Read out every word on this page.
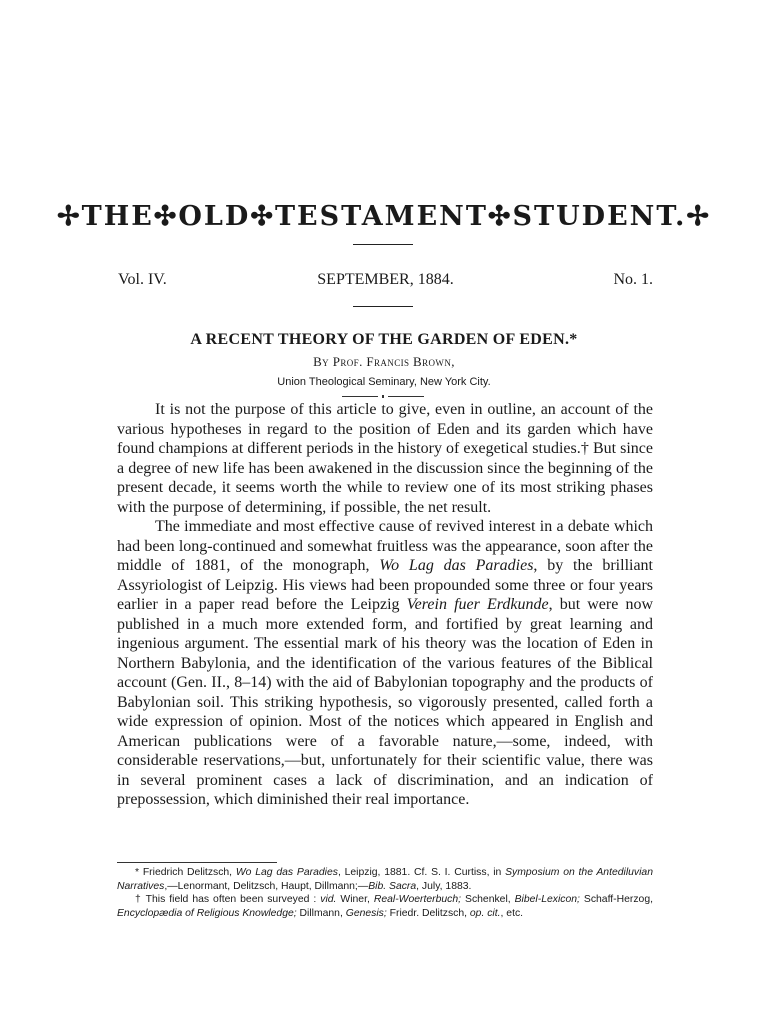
✢THE✣OLD✣TESTAMENT✣STUDENT.✢
Vol. IV.	SEPTEMBER, 1884.	No. 1.
A RECENT THEORY OF THE GARDEN OF EDEN.*
By Prof. Francis Brown,
Union Theological Seminary, New York City.

It is not the purpose of this article to give, even in outline, an account of the various hypotheses in regard to the position of Eden and its garden which have found champions at different periods in the history of exegetical studies.† But since a degree of new life has been awakened in the discussion since the beginning of the present decade, it seems worth the while to review one of its most striking phases with the purpose of determining, if possible, the net result.

The immediate and most effective cause of revived interest in a debate which had been long-continued and somewhat fruitless was the appearance, soon after the middle of 1881, of the monograph, Wo Lag das Paradies, by the brilliant Assyriologist of Leipzig. His views had been propounded some three or four years earlier in a paper read before the Leipzig Verein fuer Erdkunde, but were now published in a much more extended form, and fortified by great learning and ingenious argument. The essential mark of his theory was the location of Eden in Northern Babylonia, and the identification of the various features of the Biblical account (Gen. II., 8–14) with the aid of Babylonian topography and the products of Babylonian soil. This striking hypothesis, so vigorously presented, called forth a wide expression of opinion. Most of the notices which appeared in English and American publications were of a favorable nature,—some, indeed, with considerable reservations,—but, unfortunately for their scientific value, there was in several prominent cases a lack of discrimination, and an indication of prepossession, which diminished their real importance.

* Friedrich Delitzsch, Wo Lag das Paradies, Leipzig, 1881. Cf. S. I. Curtiss, in Symposium on the Antediluvian Narratives,—Lenormant, Delitzsch, Haupt, Dillmann;—Bib. Sacra, July, 1883.

† This field has often been surveyed : vid. Winer, Real-Woerterbuch; Schenkel, Bibel-Lexicon; Schaff-Herzog, Encyclopædia of Religious Knowledge; Dillmann, Genesis; Friedr. Delitzsch, op. cit., etc.
